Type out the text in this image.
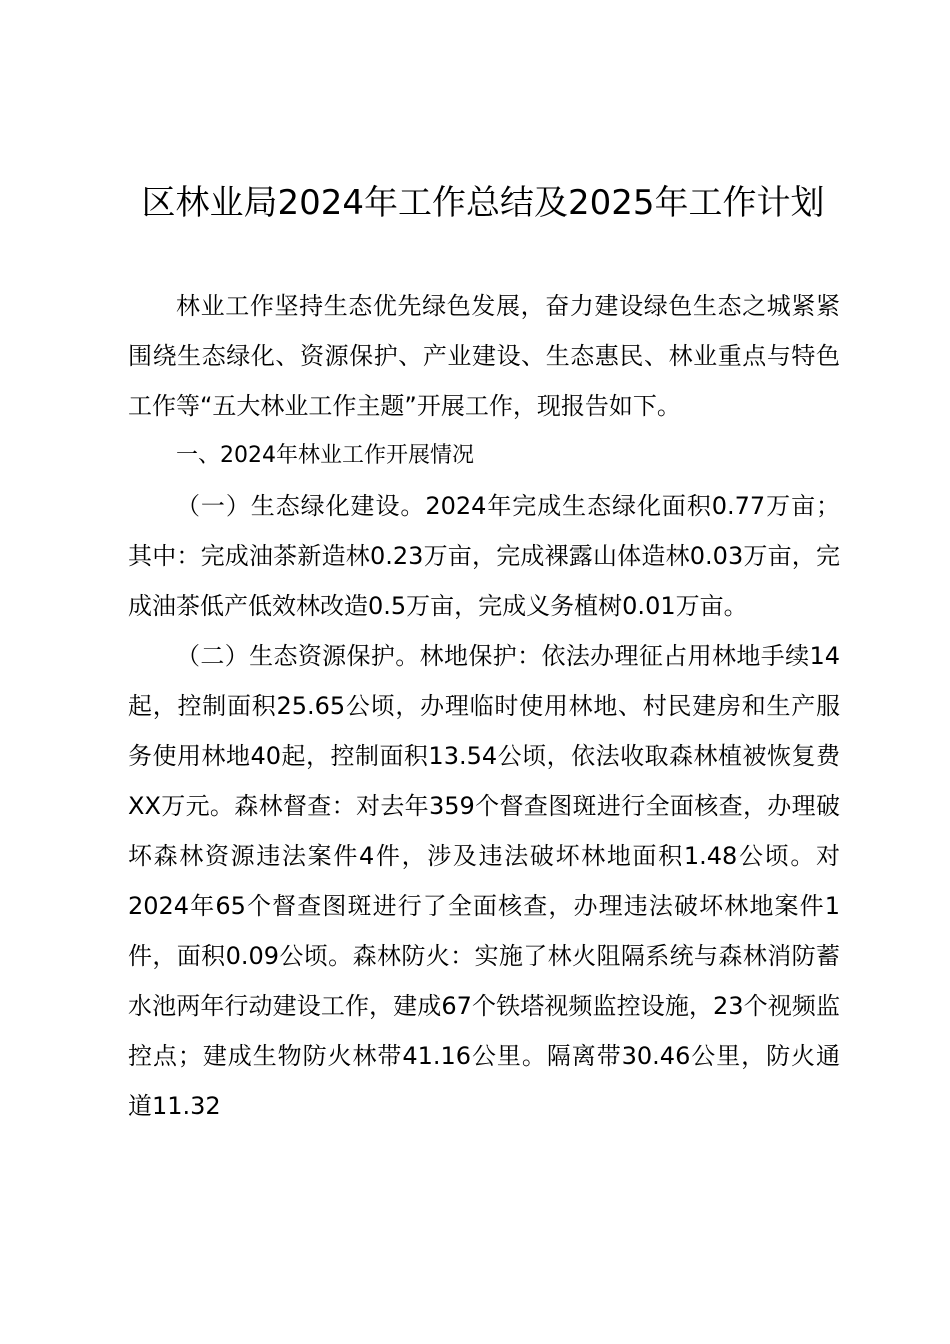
区林业局2024年工作总结及2025年工作计划

林业工作坚持生态优先绿色发展，奋力建设绿色生态之城紧紧围绕生态绿化、资源保护、产业建设、生态惠民、林业重点与特色工作等“五大林业工作主题”开展工作，现报告如下。

一、2024年林业工作开展情况

（一）生态绿化建设。2024年完成生态绿化面积0.77万亩；其中：完成油茶新造林0.23万亩，完成裸露山体造林0.03万亩，完成油茶低产低效林改造0.5万亩，完成义务植树0.01万亩。

（二）生态资源保护。林地保护：依法办理征占用林地手续14起，控制面积25.65公顷，办理临时使用林地、村民建房和生产服务使用林地40起，控制面积13.54公顷，依法收取森林植被恢复费XX万元。森林督查：对去年359个督查图斑进行全面核查，办理破坏森林资源违法案件4件，涉及违法破坏林地面积1.48公顷。对2024年65个督查图斑进行了全面核查，办理违法破坏林地案件1件，面积0.09公顷。森林防火：实施了林火阻隔系统与森林消防蓄水池两年行动建设工作，建成67个铁塔视频监控设施，23个视频监控点；建成生物防火林带41.16公里。隔离带30.46公里，防火通道11.32
